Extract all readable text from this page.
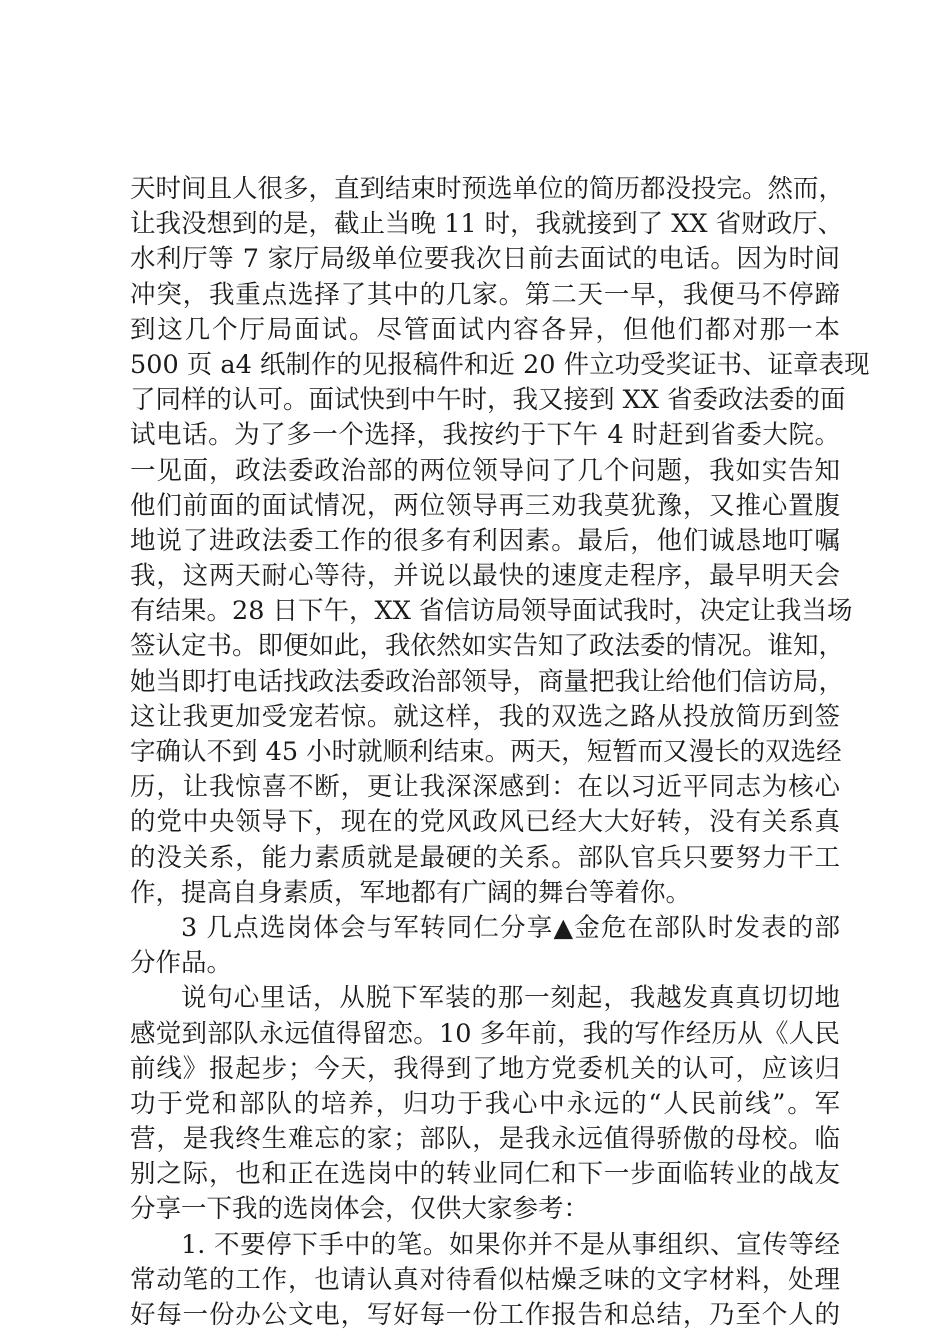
天时间且人很多，直到结束时预选单位的简历都没投完。然而，
让我没想到的是，截止当晚 11 时，我就接到了 XX 省财政厅、
水利厅等 7 家厅局级单位要我次日前去面试的电话。因为时间
冲突，我重点选择了其中的几家。第二天一早，我便马不停蹄
到这几个厅局面试。尽管面试内容各异，但他们都对那一本
500 页 a4 纸制作的见报稿件和近 20 件立功受奖证书、证章表现
了同样的认可。面试快到中午时，我又接到 XX 省委政法委的面
试电话。为了多一个选择，我按约于下午 4 时赶到省委大院。
一见面，政法委政治部的两位领导问了几个问题，我如实告知
他们前面的面试情况，两位领导再三劝我莫犹豫，又推心置腹
地说了进政法委工作的很多有利因素。最后，他们诚恳地叮嘱
我，这两天耐心等待，并说以最快的速度走程序，最早明天会
有结果。28 日下午，XX 省信访局领导面试我时，决定让我当场
签认定书。即便如此，我依然如实告知了政法委的情况。谁知，
她当即打电话找政法委政治部领导，商量把我让给他们信访局，
这让我更加受宠若惊。就这样，我的双选之路从投放简历到签
字确认不到 45 小时就顺利结束。两天，短暂而又漫长的双选经
历，让我惊喜不断，更让我深深感到：在以习近平同志为核心
的党中央领导下，现在的党风政风已经大大好转，没有关系真
的没关系，能力素质就是最硬的关系。部队官兵只要努力干工
作，提高自身素质，军地都有广阔的舞台等着你。
3 几点选岗体会与军转同仁分享▲金危在部队时发表的部
分作品。
说句心里话，从脱下军装的那一刻起，我越发真真切切地
感觉到部队永远值得留恋。10 多年前，我的写作经历从《人民
前线》报起步；今天，我得到了地方党委机关的认可，应该归
功于党和部队的培养，归功于我心中永远的“人民前线”。军
营，是我终生难忘的家；部队，是我永远值得骄傲的母校。临
别之际，也和正在选岗中的转业同仁和下一步面临转业的战友
分享一下我的选岗体会，仅供大家参考：
1. 不要停下手中的笔。如果你并不是从事组织、宣传等经
常动笔的工作，也请认真对待看似枯燥乏味的文字材料，处理
好每一份办公文电，写好每一份工作报告和总结，乃至个人的
